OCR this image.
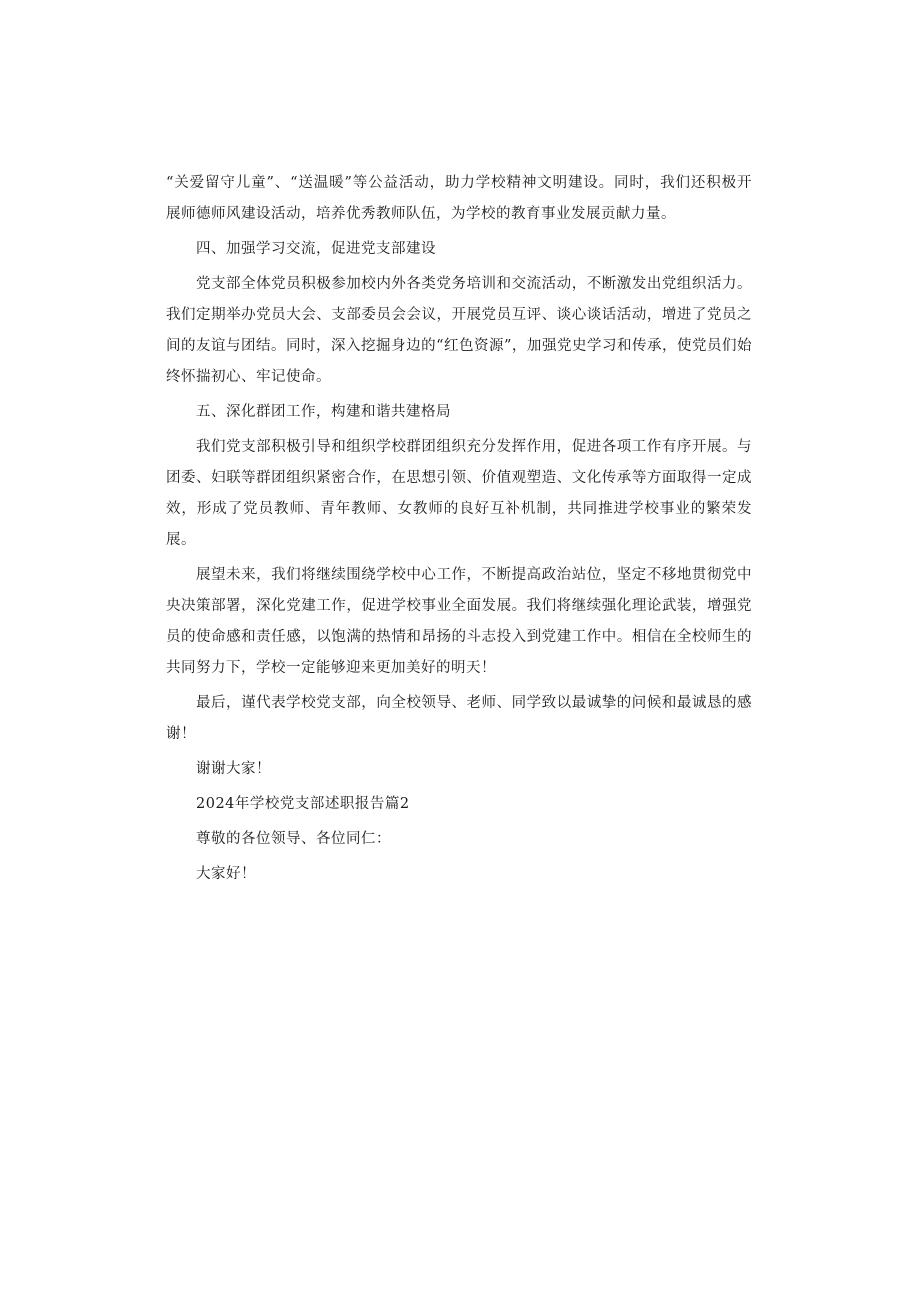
“关爱留守儿童”、“送温暖”等公益活动，助力学校精神文明建设。同时，我们还积极开展师德师风建设活动，培养优秀教师队伍，为学校的教育事业发展贡献力量。

四、加强学习交流，促进党支部建设

党支部全体党员积极参加校内外各类党务培训和交流活动，不断激发出党组织活力。我们定期举办党员大会、支部委员会会议，开展党员互评、谈心谈话活动，增进了党员之间的友谊与团结。同时，深入挖掘身边的“红色资源”，加强党史学习和传承，使党员们始终怀揣初心、牢记使命。

五、深化群团工作，构建和谐共建格局

我们党支部积极引导和组织学校群团组织充分发挥作用，促进各项工作有序开展。与团委、妇联等群团组织紧密合作，在思想引领、价值观塑造、文化传承等方面取得一定成效，形成了党员教师、青年教师、女教师的良好互补机制，共同推进学校事业的繁荣发展。

展望未来，我们将继续围绕学校中心工作，不断提高政治站位，坚定不移地贯彻党中央决策部署，深化党建工作，促进学校事业全面发展。我们将继续强化理论武装，增强党员的使命感和责任感，以饱满的热情和昂扬的斗志投入到党建工作中。相信在全校师生的共同努力下，学校一定能够迎来更加美好的明天！

最后，谨代表学校党支部，向全校领导、老师、同学致以最诚挚的问候和最诚恳的感谢！

谢谢大家！

2024年学校党支部述职报告篇2

尊敬的各位领导、各位同仁：

大家好！
